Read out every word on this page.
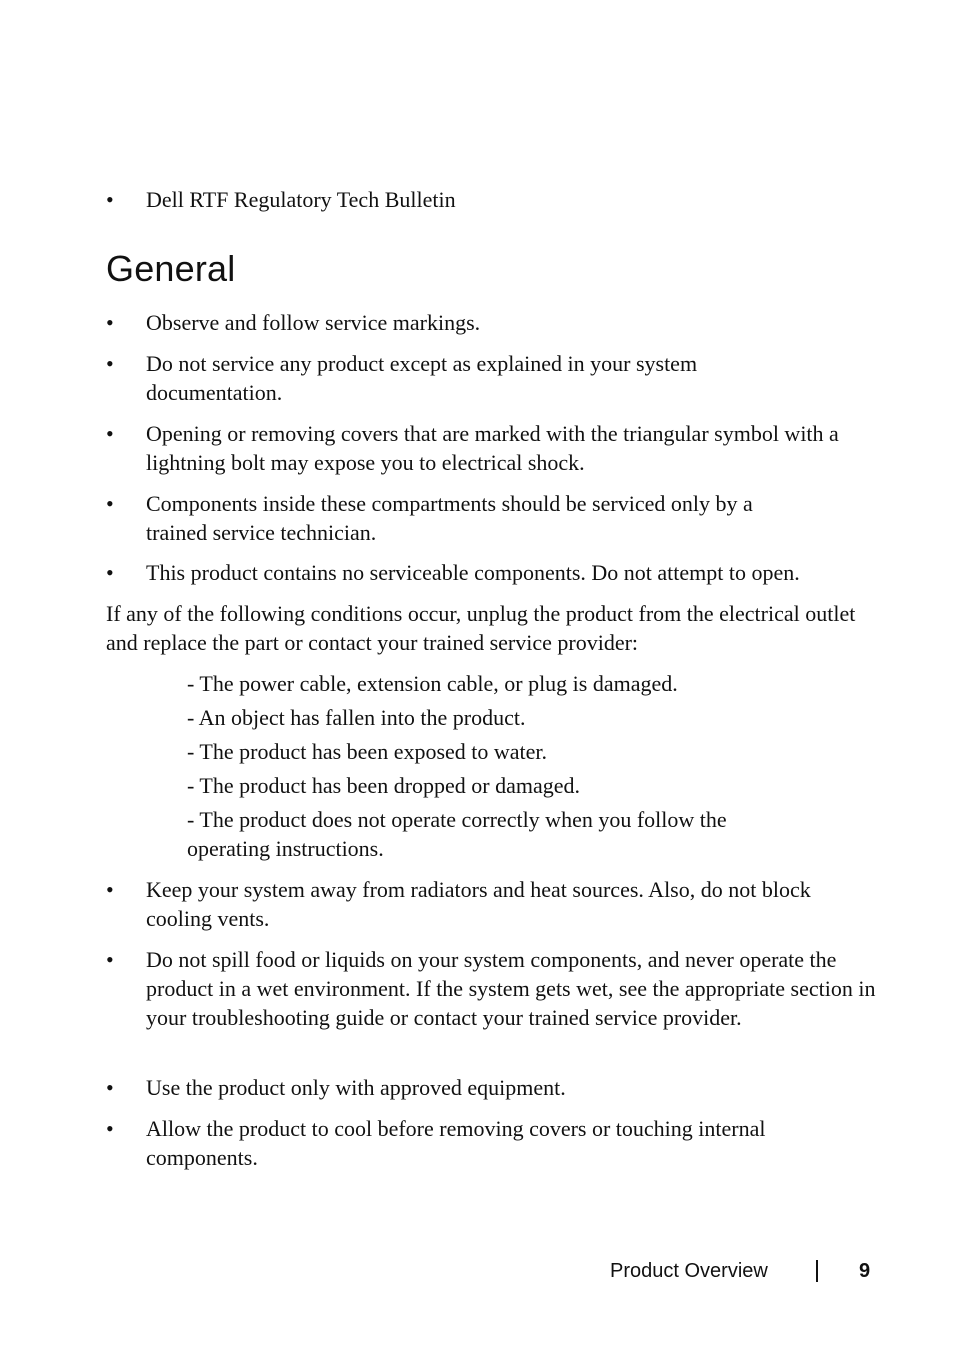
•	Dell RTF Regulatory Tech Bulletin
General
•	Observe and follow service markings.
•	Do not service any product except as explained in your system documentation.
•	Opening or removing covers that are marked with the triangular symbol with a lightning bolt may expose you to electrical shock.
•	Components inside these compartments should be serviced only by a trained service technician.
•	This product contains no serviceable components. Do not attempt to open.

If any of the following conditions occur, unplug the product from the electrical outlet and replace the part or contact your trained service provider:

- The power cable, extension cable, or plug is damaged.
- An object has fallen into the product.
- The product has been exposed to water.
- The product has been dropped or damaged.
- The product does not operate correctly when you follow the operating instructions.
•	Keep your system away from radiators and heat sources. Also, do not block cooling vents.
•	Do not spill food or liquids on your system components, and never operate the product in a wet environment. If the system gets wet, see the appropriate section in your troubleshooting guide or contact your trained service provider.
•	Use the product only with approved equipment.
•	Allow the product to cool before removing covers or touching internal components.
Product Overview	9
